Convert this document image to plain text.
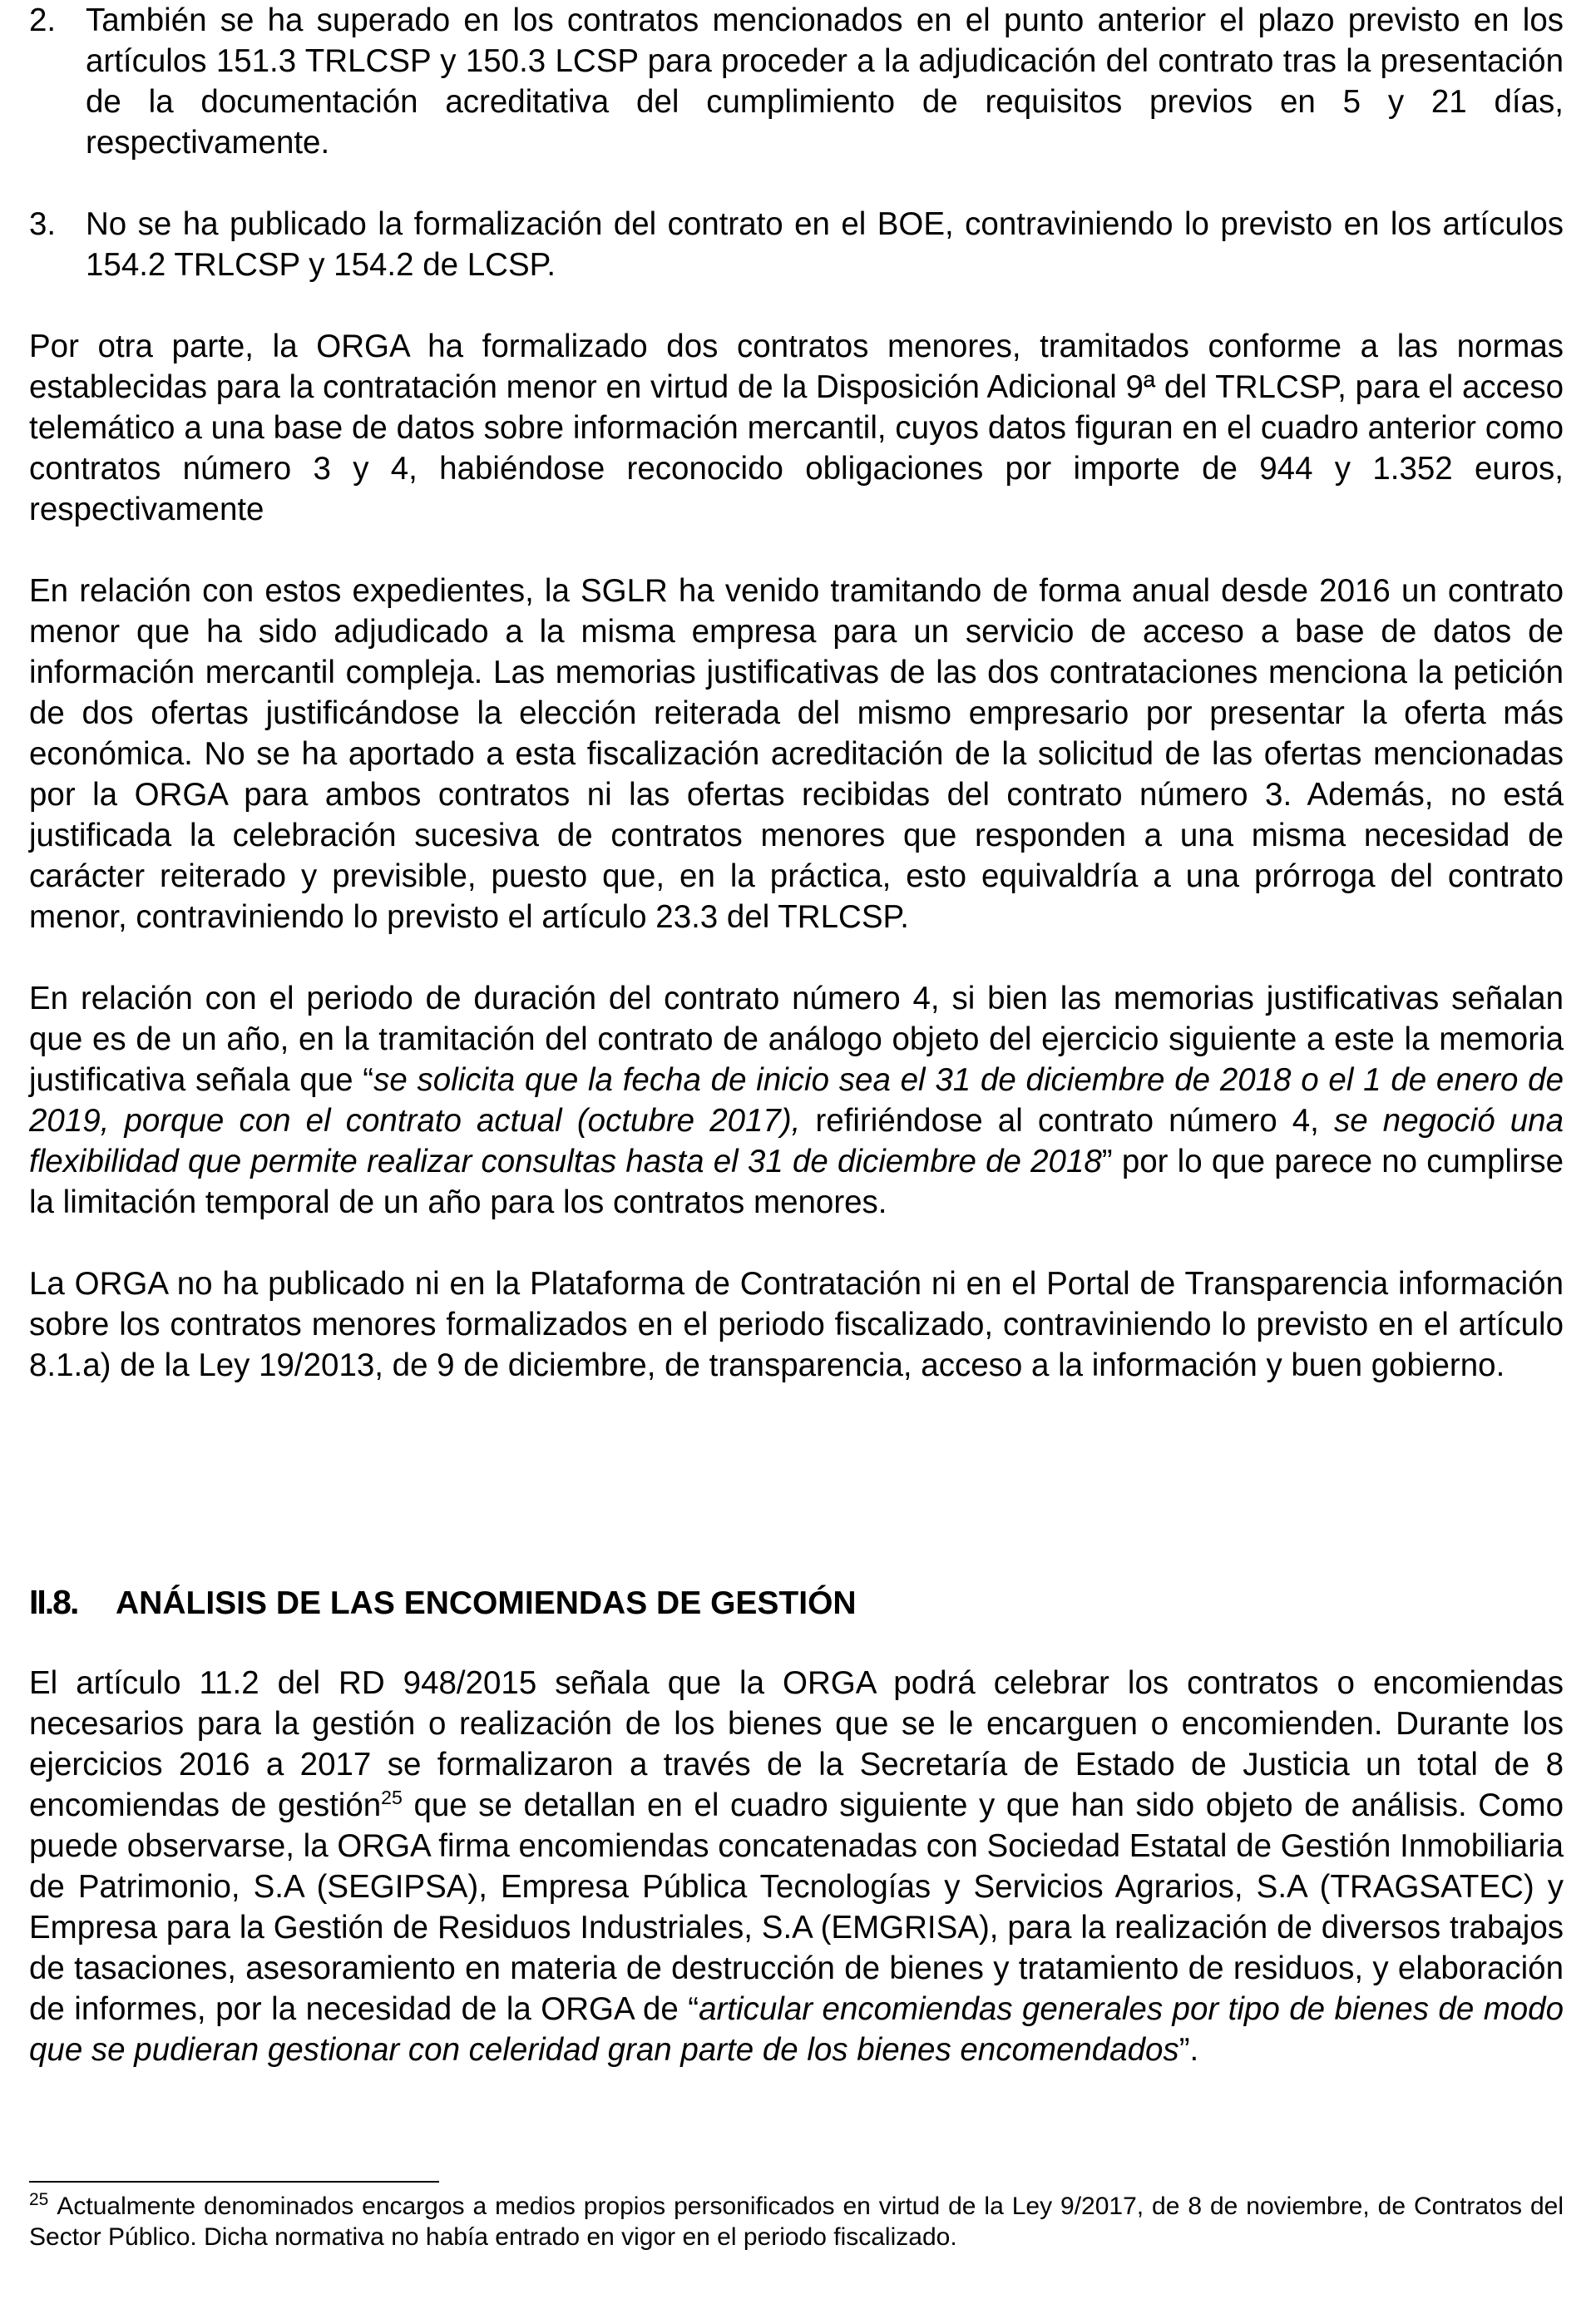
2. También se ha superado en los contratos mencionados en el punto anterior el plazo previsto en los artículos 151.3 TRLCSP y 150.3 LCSP para proceder a la adjudicación del contrato tras la presentación de la documentación acreditativa del cumplimiento de requisitos previos en 5 y 21 días, respectivamente.
3. No se ha publicado la formalización del contrato en el BOE, contraviniendo lo previsto en los artículos 154.2 TRLCSP y 154.2 de LCSP.

Por otra parte, la ORGA ha formalizado dos contratos menores, tramitados conforme a las normas establecidas para la contratación menor en virtud de la Disposición Adicional 9ª del TRLCSP, para el acceso telemático a una base de datos sobre información mercantil, cuyos datos figuran en el cuadro anterior como contratos número 3 y 4, habiéndose reconocido obligaciones por importe de 944 y 1.352 euros, respectivamente

En relación con estos expedientes, la SGLR ha venido tramitando de forma anual desde 2016 un contrato menor que ha sido adjudicado a la misma empresa para un servicio de acceso a base de datos de información mercantil compleja. Las memorias justificativas de las dos contrataciones menciona la petición de dos ofertas justificándose la elección reiterada del mismo empresario por presentar la oferta más económica. No se ha aportado a esta fiscalización acreditación de la solicitud de las ofertas mencionadas por la ORGA para ambos contratos ni las ofertas recibidas del contrato número 3. Además, no está justificada la celebración sucesiva de contratos menores que responden a una misma necesidad de carácter reiterado y previsible, puesto que, en la práctica, esto equivaldría a una prórroga del contrato menor, contraviniendo lo previsto el artículo 23.3 del TRLCSP.

En relación con el periodo de duración del contrato número 4, si bien las memorias justificativas señalan que es de un año, en la tramitación del contrato de análogo objeto del ejercicio siguiente a este la memoria justificativa señala que “se solicita que la fecha de inicio sea el 31 de diciembre de 2018 o el 1 de enero de 2019, porque con el contrato actual (octubre 2017), refiriéndose al contrato número 4, se negoció una flexibilidad que permite realizar consultas hasta el 31 de diciembre de 2018” por lo que parece no cumplirse la limitación temporal de un año para los contratos menores.

La ORGA no ha publicado ni en la Plataforma de Contratación ni en el Portal de Transparencia información sobre los contratos menores formalizados en el periodo fiscalizado, contraviniendo lo previsto en el artículo 8.1.a) de la Ley 19/2013, de 9 de diciembre, de transparencia, acceso a la información y buen gobierno.

II.8. ANÁLISIS DE LAS ENCOMIENDAS DE GESTIÓN

El artículo 11.2 del RD 948/2015 señala que la ORGA podrá celebrar los contratos o encomiendas necesarios para la gestión o realización de los bienes que se le encarguen o encomienden. Durante los ejercicios 2016 a 2017 se formalizaron a través de la Secretaría de Estado de Justicia un total de 8 encomiendas de gestión$^{25}$ que se detallan en el cuadro siguiente y que han sido objeto de análisis. Como puede observarse, la ORGA firma encomiendas concatenadas con Sociedad Estatal de Gestión Inmobiliaria de Patrimonio, S.A (SEGIPSA), Empresa Pública Tecnologías y Servicios Agrarios, S.A (TRAGSATEC) y Empresa para la Gestión de Residuos Industriales, S.A (EMGRISA), para la realización de diversos trabajos de tasaciones, asesoramiento en materia de destrucción de bienes y tratamiento de residuos, y elaboración de informes, por la necesidad de la ORGA de “articular encomiendas generales por tipo de bienes de modo que se pudieran gestionar con celeridad gran parte de los bienes encomendados”.

$^{25}$ Actualmente denominados encargos a medios propios personificados en virtud de la Ley 9/2017, de 8 de noviembre, de Contratos del Sector Público. Dicha normativa no había entrado en vigor en el periodo fiscalizado.
